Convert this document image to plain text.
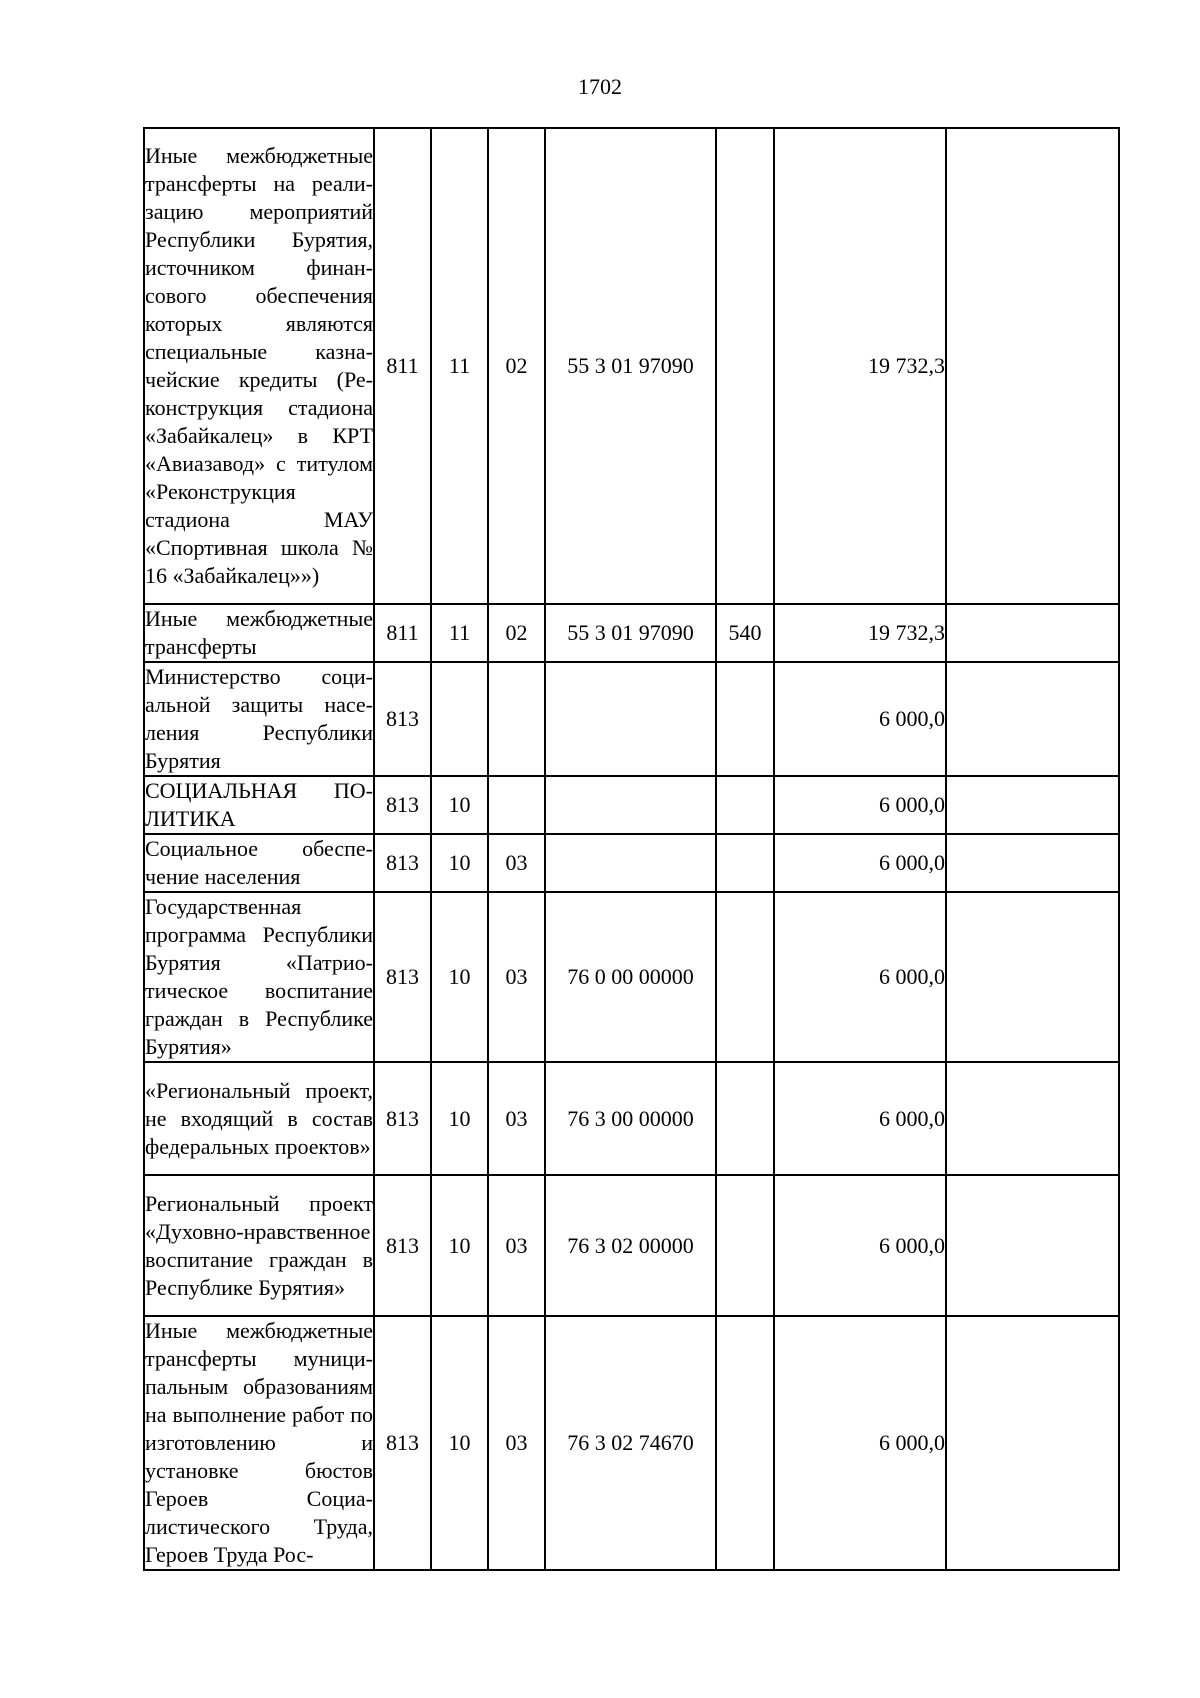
1702
Иные межбюджетные трансферты на реализацию мероприятий Республики Бурятия, источником финансового обеспечения которых являются специальные казначейские кредиты (Реконструкция стадиона «Забайкалец» в КРТ «Авиазавод» с титулом «Реконструкция стадиона МАУ «Спортивная школа № 16 «Забайкалец»»)	811	11	02	55 3 01 97090		19 732,3	
Иные межбюджетные трансферты	811	11	02	55 3 01 97090	540	19 732,3	
Министерство социальной защиты населения Республики Бурятия	813					6 000,0	
СОЦИАЛЬНАЯ ПОЛИТИКА	813	10				6 000,0	
Социальное обеспечение населения	813	10	03			6 000,0	
Государственная программа Республики Бурятия «Патриотическое воспитание граждан в Республике Бурятия»	813	10	03	76 0 00 00000		6 000,0	
«Региональный проект, не входящий в состав федеральных проектов»	813	10	03	76 3 00 00000		6 000,0	
Региональный проект «Духовно-нравственное воспитание граждан в Республике Бурятия»	813	10	03	76 3 02 00000		6 000,0	
Иные межбюджетные трансферты муниципальным образованиям на выполнение работ по изготовлению и установке бюстов Героев Социалистического Труда, Героев Труда Рос-	813	10	03	76 3 02 74670		6 000,0	
